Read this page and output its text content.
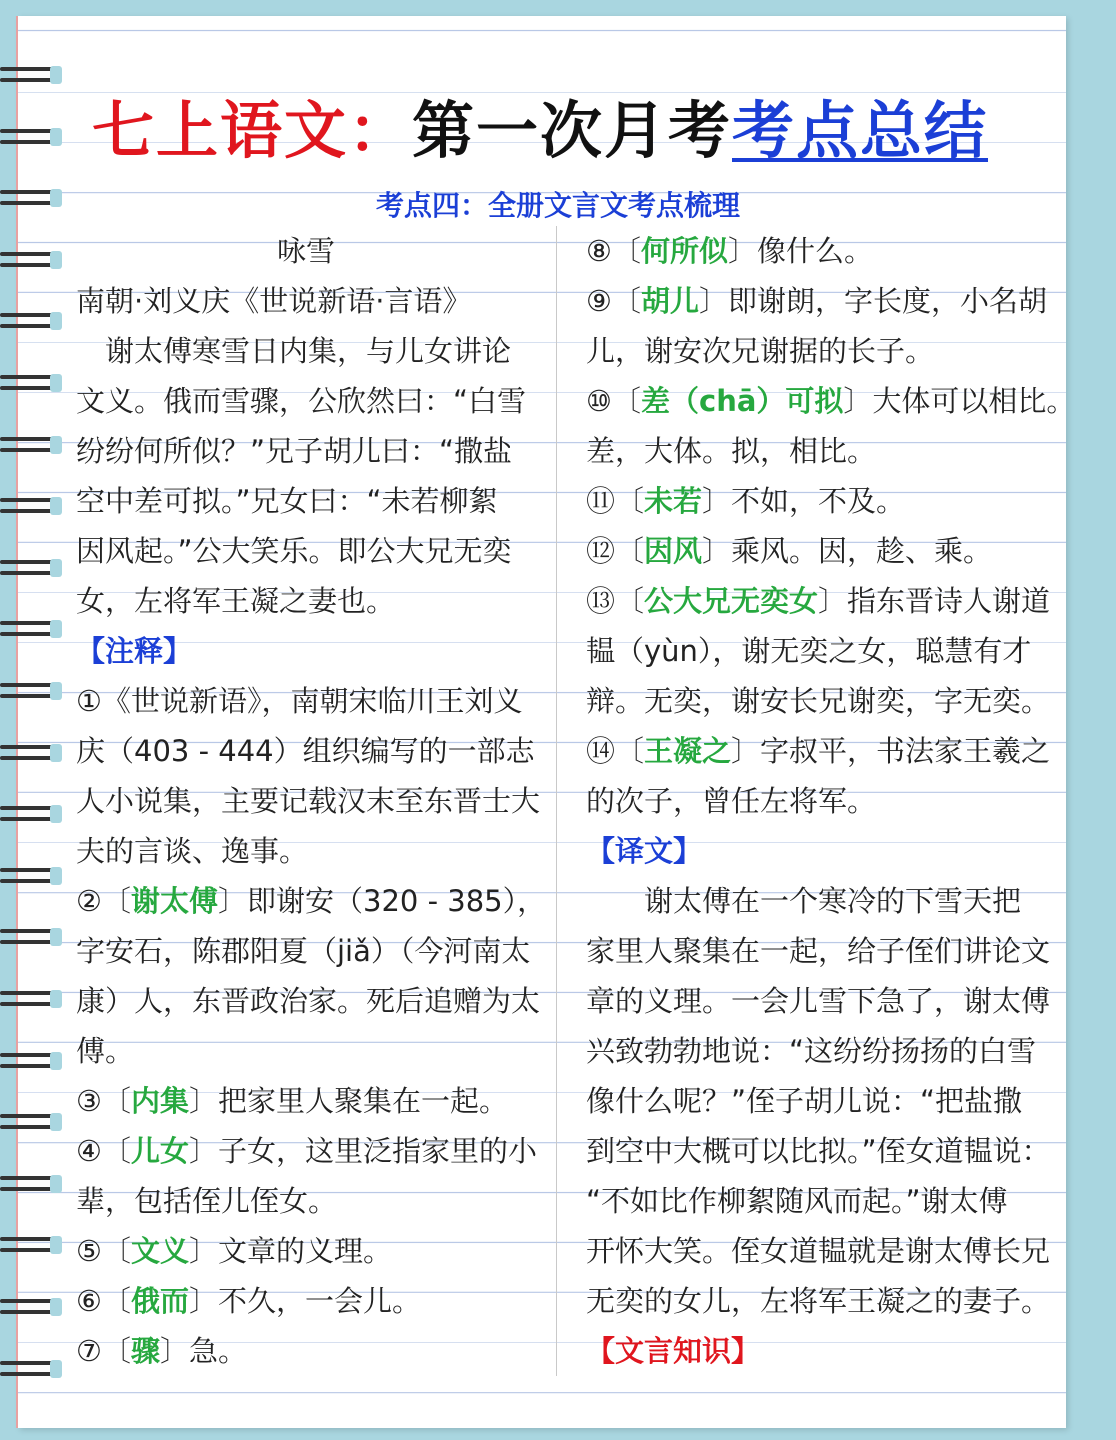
七上语文：第一次月考考点总结
考点四：全册文言文考点梳理
咏雪
南朝·刘义庆《世说新语·言语》
　谢太傅寒雪日内集，与儿女讲论
文义。俄而雪骤，公欣然曰：“白雪
纷纷何所似？”兄子胡儿曰：“撒盐
空中差可拟。”兄女曰：“未若柳絮
因风起。”公大笑乐。即公大兄无奕
女，左将军王凝之妻也。
【注释】
①《世说新语》，南朝宋临川王刘义
庆（403 - 444）组织编写的一部志
人小说集，主要记载汉末至东晋士大
夫的言谈、逸事。
②〔谢太傅〕即谢安（320 - 385），
字安石，陈郡阳夏（jiǎ）（今河南太
康）人，东晋政治家。死后追赠为太
傅。
③〔内集〕把家里人聚集在一起。
④〔儿女〕子女，这里泛指家里的小
辈，包括侄儿侄女。
⑤〔文义〕文章的义理。
⑥〔俄而〕不久，一会儿。
⑦〔骤〕急。
⑧〔何所似〕像什么。
⑨〔胡儿〕即谢朗，字长度，小名胡
儿，谢安次兄谢据的长子。
⑩〔差（chā）可拟〕大体可以相比。
差，大体。拟，相比。
⑪〔未若〕不如，不及。
⑫〔因风〕乘风。因，趁、乘。
⑬〔公大兄无奕女〕指东晋诗人谢道
韫（yùn），谢无奕之女，聪慧有才
辩。无奕，谢安长兄谢奕，字无奕。
⑭〔王凝之〕字叔平，书法家王羲之
的次子，曾任左将军。
【译文】
　　谢太傅在一个寒冷的下雪天把
家里人聚集在一起，给子侄们讲论文
章的义理。一会儿雪下急了，谢太傅
兴致勃勃地说：“这纷纷扬扬的白雪
像什么呢？”侄子胡儿说：“把盐撒
到空中大概可以比拟。”侄女道韫说：
“不如比作柳絮随风而起。”谢太傅
开怀大笑。侄女道韫就是谢太傅长兄
无奕的女儿，左将军王凝之的妻子。
【文言知识】
